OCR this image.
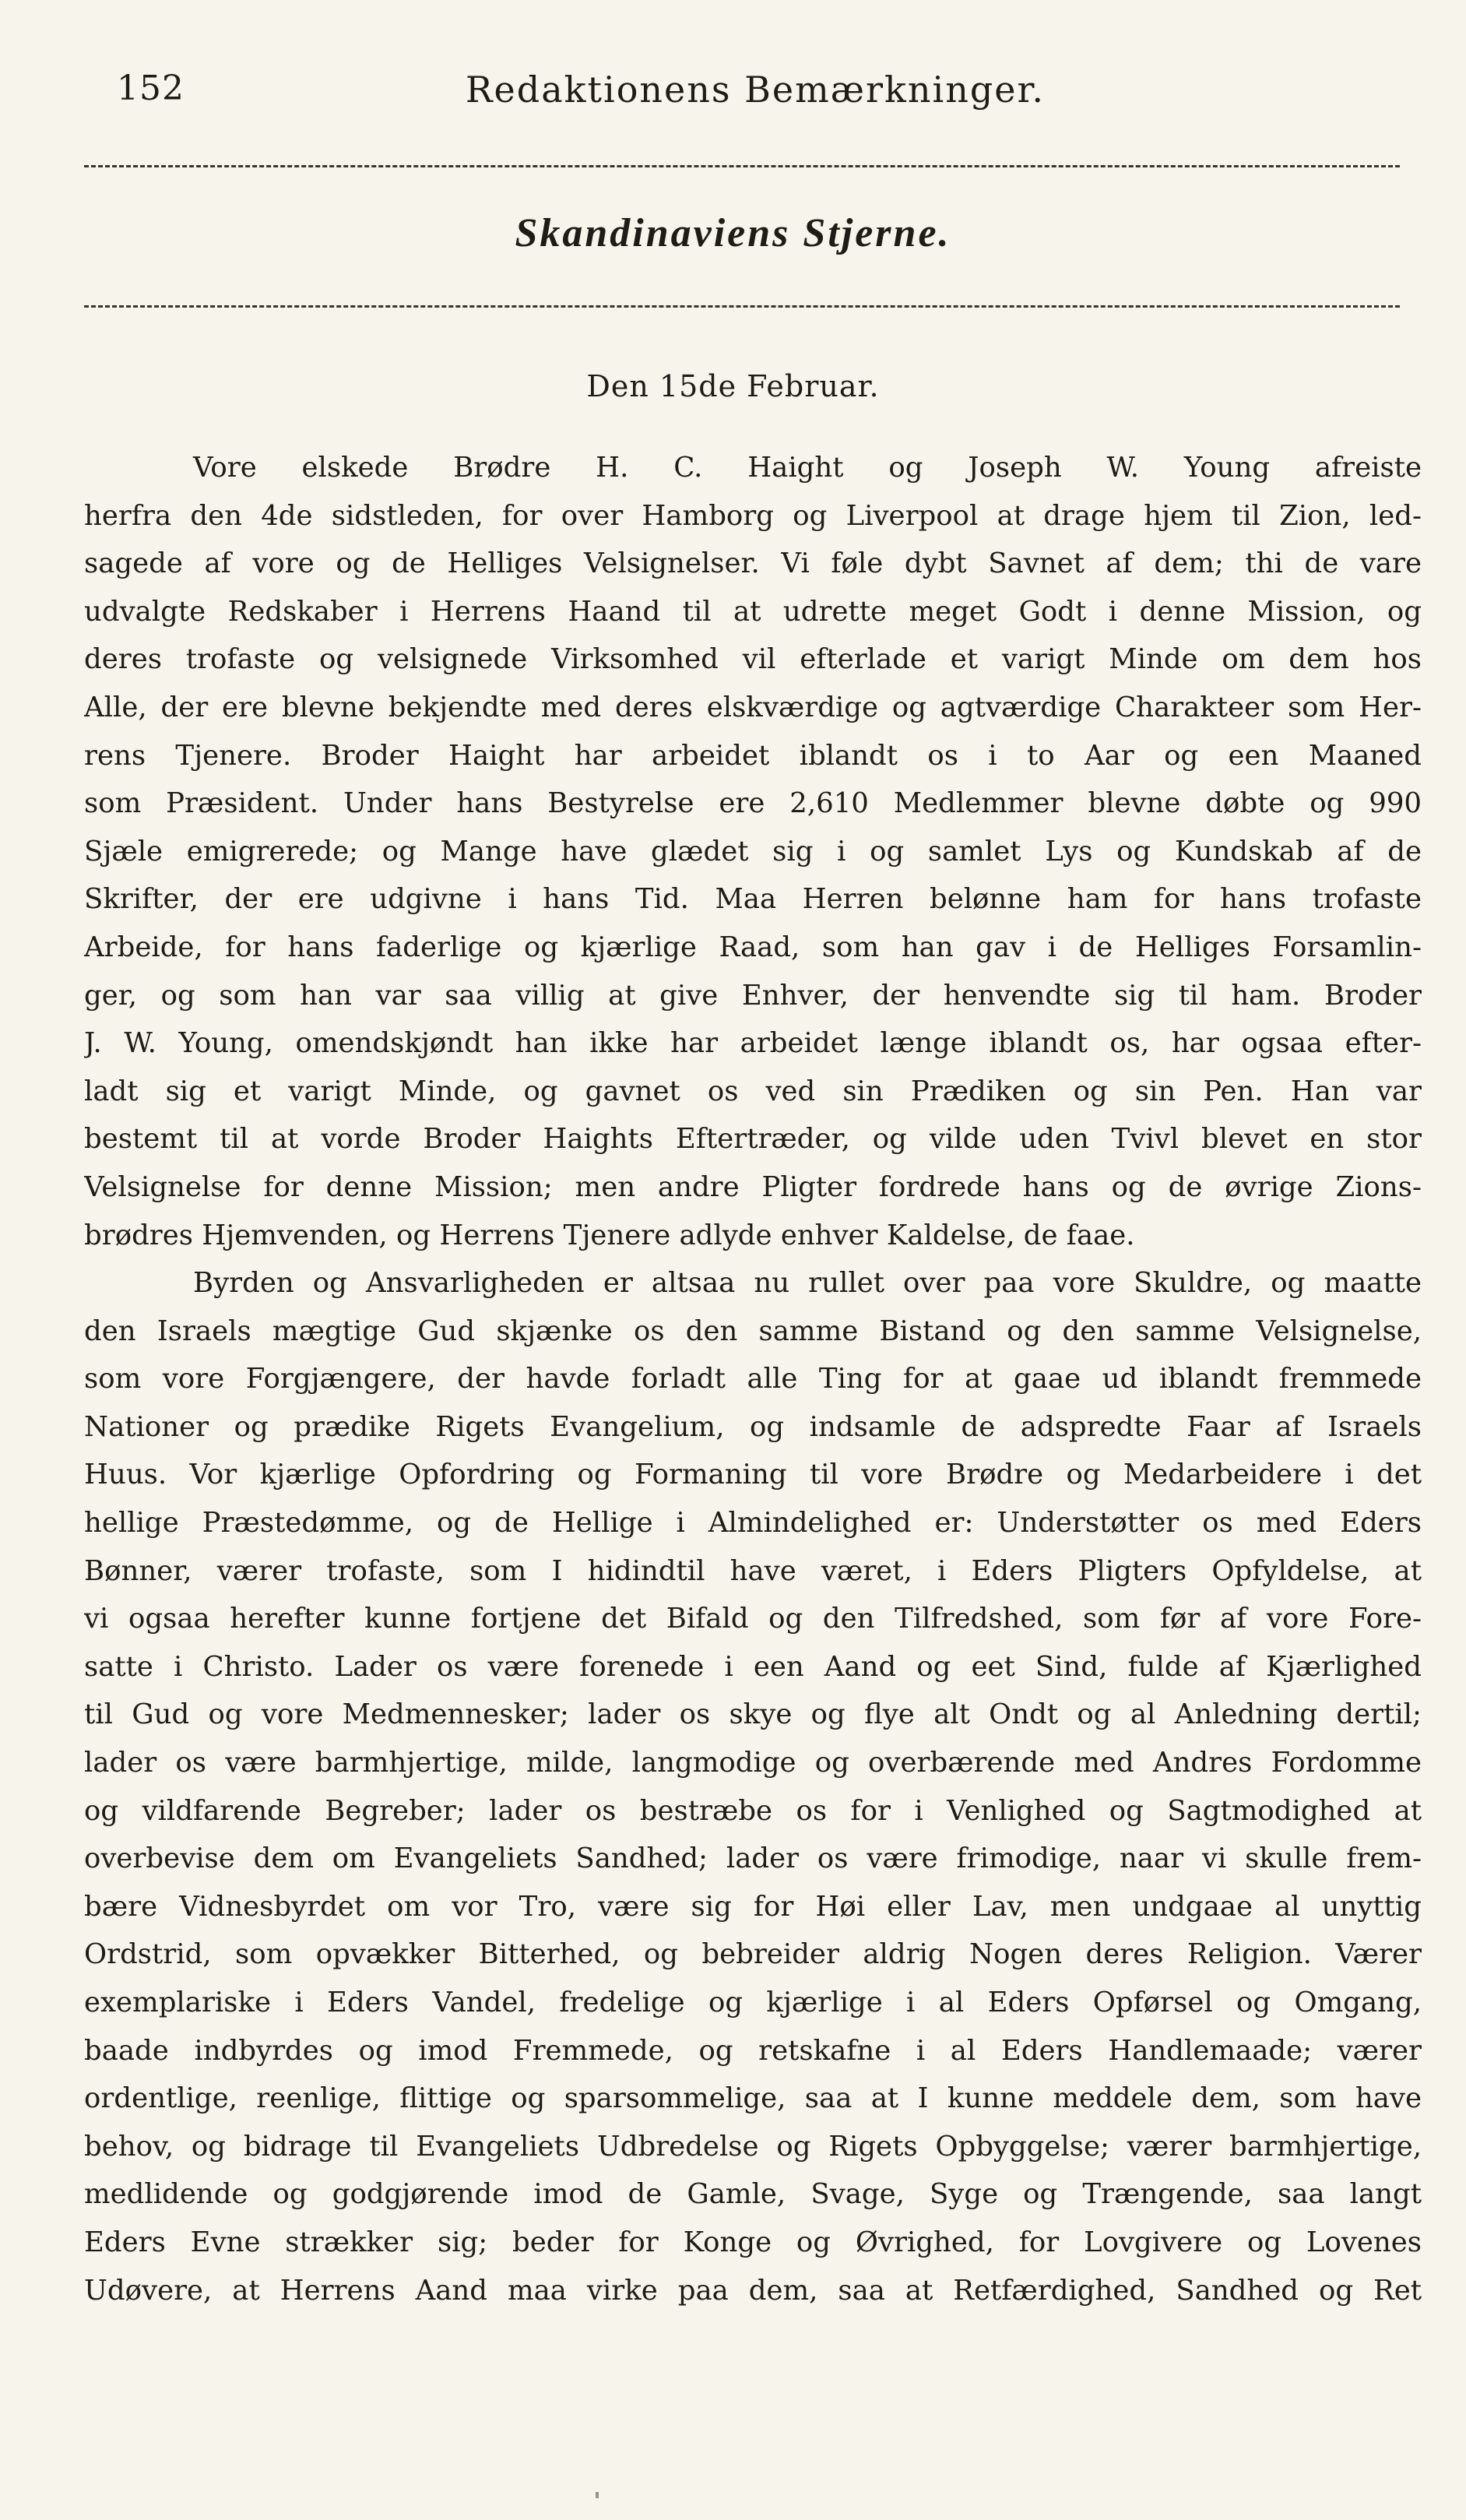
152	Redaktionens Bemærkninger.
Skandinaviens Stjerne.
Den 15de Februar.
Vore elskede Brødre H. C. Haight og Joseph W. Young afreiste
herfra den 4de sidstleden, for over Hamborg og Liverpool at drage hjem til Zion, led-
sagede af vore og de Helliges Velsignelser. Vi føle dybt Savnet af dem; thi de vare
udvalgte Redskaber i Herrens Haand til at udrette meget Godt i denne Mission, og
deres trofaste og velsignede Virksomhed vil efterlade et varigt Minde om dem hos
Alle, der ere blevne bekjendte med deres elskværdige og agtværdige Charakteer som Her-
rens Tjenere. Broder Haight har arbeidet iblandt os i to Aar og een Maaned
som Præsident. Under hans Bestyrelse ere 2,610 Medlemmer blevne døbte og 990
Sjæle emigrerede; og Mange have glædet sig i og samlet Lys og Kundskab af de
Skrifter, der ere udgivne i hans Tid. Maa Herren belønne ham for hans trofaste
Arbeide, for hans faderlige og kjærlige Raad, som han gav i de Helliges Forsamlin-
ger, og som han var saa villig at give Enhver, der henvendte sig til ham. Broder
J. W. Young, omendskjøndt han ikke har arbeidet længe iblandt os, har ogsaa efter-
ladt sig et varigt Minde, og gavnet os ved sin Prædiken og sin Pen. Han var
bestemt til at vorde Broder Haights Eftertræder, og vilde uden Tvivl blevet en stor
Velsignelse for denne Mission; men andre Pligter fordrede hans og de øvrige Zions-
brødres Hjemvenden, og Herrens Tjenere adlyde enhver Kaldelse, de faae.
Byrden og Ansvarligheden er altsaa nu rullet over paa vore Skuldre, og maatte
den Israels mægtige Gud skjænke os den samme Bistand og den samme Velsignelse,
som vore Forgjængere, der havde forladt alle Ting for at gaae ud iblandt fremmede
Nationer og prædike Rigets Evangelium, og indsamle de adspredte Faar af Israels
Huus. Vor kjærlige Opfordring og Formaning til vore Brødre og Medarbeidere i det
hellige Præstedømme, og de Hellige i Almindelighed er: Understøtter os med Eders
Bønner, værer trofaste, som I hidindtil have været, i Eders Pligters Opfyldelse, at
vi ogsaa herefter kunne fortjene det Bifald og den Tilfredshed, som før af vore Fore-
satte i Christo. Lader os være forenede i een Aand og eet Sind, fulde af Kjærlighed
til Gud og vore Medmennesker; lader os skye og flye alt Ondt og al Anledning dertil;
lader os være barmhjertige, milde, langmodige og overbærende med Andres Fordomme
og vildfarende Begreber; lader os bestræbe os for i Venlighed og Sagtmodighed at
overbevise dem om Evangeliets Sandhed; lader os være frimodige, naar vi skulle frem-
bære Vidnesbyrdet om vor Tro, være sig for Høi eller Lav, men undgaae al unyttig
Ordstrid, som opvækker Bitterhed, og bebreider aldrig Nogen deres Religion. Værer
exemplariske i Eders Vandel, fredelige og kjærlige i al Eders Opførsel og Omgang,
baade indbyrdes og imod Fremmede, og retskafne i al Eders Handlemaade; værer
ordentlige, reenlige, flittige og sparsommelige, saa at I kunne meddele dem, som have
behov, og bidrage til Evangeliets Udbredelse og Rigets Opbyggelse; værer barmhjertige,
medlidende og godgjørende imod de Gamle, Svage, Syge og Trængende, saa langt
Eders Evne strækker sig; beder for Konge og Øvrighed, for Lovgivere og Lovenes
Udøvere, at Herrens Aand maa virke paa dem, saa at Retfærdighed, Sandhed og Ret
